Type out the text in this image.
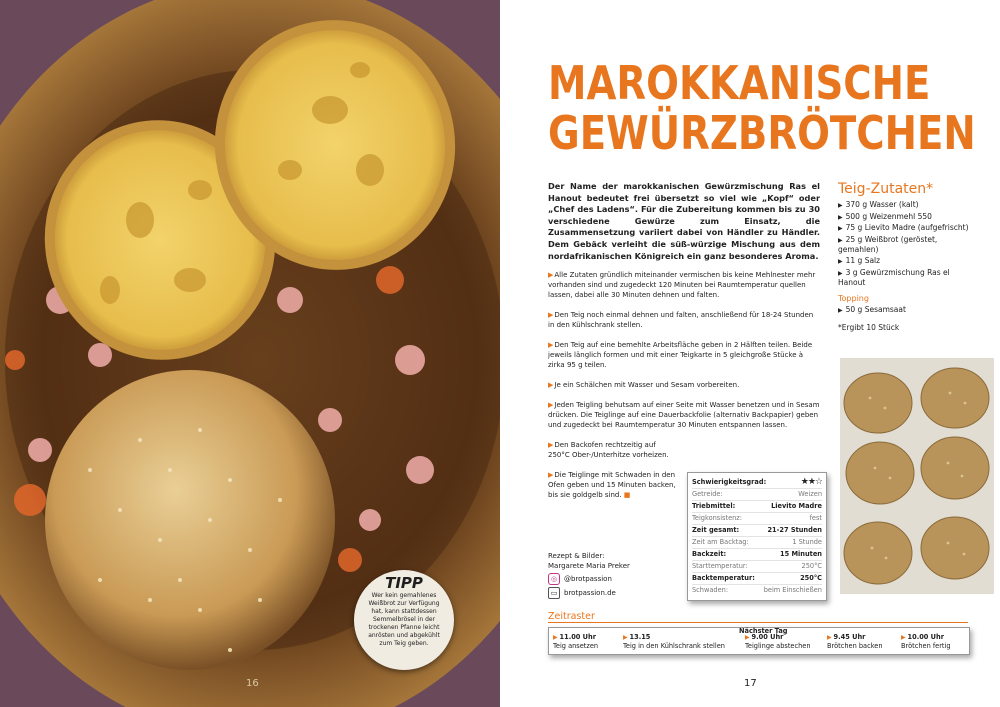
TIPP
Wer kein gemahlenes Weißbrot zur Verfügung hat, kann stattdessen Semmelbrösel in der trockenen Pfanne leicht anrösten und abgekühlt zum Teig geben.
16
MAROKKANISCHE GEWÜRZBRÖTCHEN
Der Name der marokkanischen Gewürzmischung Ras el Hanout bedeutet frei übersetzt so viel wie „Kopf“ oder „Chef des Ladens“. Für die Zubereitung kommen bis zu 30 verschiedene Gewürze zum Einsatz, die Zusammensetzung variiert dabei von Händler zu Händler. Dem Gebäck verleiht die süß-würzige Mischung aus dem nordafrikanischen Königreich ein ganz besonderes Aroma.
▶Alle Zutaten gründlich miteinander vermischen bis keine Mehlnester mehr vorhanden sind und zugedeckt 120 Minuten bei Raumtemperatur quellen lassen, dabei alle 30 Minuten dehnen und falten.
▶Den Teig noch einmal dehnen und falten, anschließend für 18-24 Stunden in den Kühlschrank stellen.
▶Den Teig auf eine bemehlte Arbeitsfläche geben in 2 Hälften teilen. Beide jeweils länglich formen und mit einer Teigkarte in 5 gleichgroße Stücke à zirka 95 g teilen.
▶Je ein Schälchen mit Wasser und Sesam vorbereiten.
▶Jeden Teigling behutsam auf einer Seite mit Wasser benetzen und in Sesam drücken. Die Teiglinge auf eine Dauerbackfolie (alternativ Backpapier) geben und zugedeckt bei Raumtemperatur 30 Minuten entspannen lassen.
▶Den Backofen rechtzeitig auf 250°C Ober-/Unterhitze vorheizen.
▶Die Teiglinge mit Schwaden in den Ofen geben und 15 Minuten backen, bis sie goldgelb sind. ■
Rezept & Bilder:
Margarete Maria Preker
◎ @brotpassion
▭ brotpassion.de
Teig-Zutaten*
▶ 370 g Wasser (kalt)
▶ 500 g Weizenmehl 550
▶ 75 g Lievito Madre (aufgefrischt)
▶ 25 g Weißbrot (geröstet, gemahlen)
▶ 11 g Salz
▶ 3 g Gewürzmischung Ras el Hanout
Topping
▶ 50 g Sesamsaat
*Ergibt 10 Stück
Schwierigkeitsgrad:	★★☆
Getreide:	Weizen
Triebmittel:	Lievito Madre
Teigkonsistenz:	fest
Zeit gesamt:	21-27 Stunden
Zeit am Backtag:	1 Stunde
Backzeit:	15 Minuten
Starttemperatur:	250°C
Backtemperatur:	250°C
Schwaden:	beim Einschießen
Zeitraster
Nächster Tag
▶ 11.00 Uhr
Teig ansetzen
▶ 13.15
Teig in den Kühlschrank stellen
▶ 9.00 Uhr
Teiglinge abstechen
▶ 9.45 Uhr
Brötchen backen
▶ 10.00 Uhr
Brötchen fertig
17
